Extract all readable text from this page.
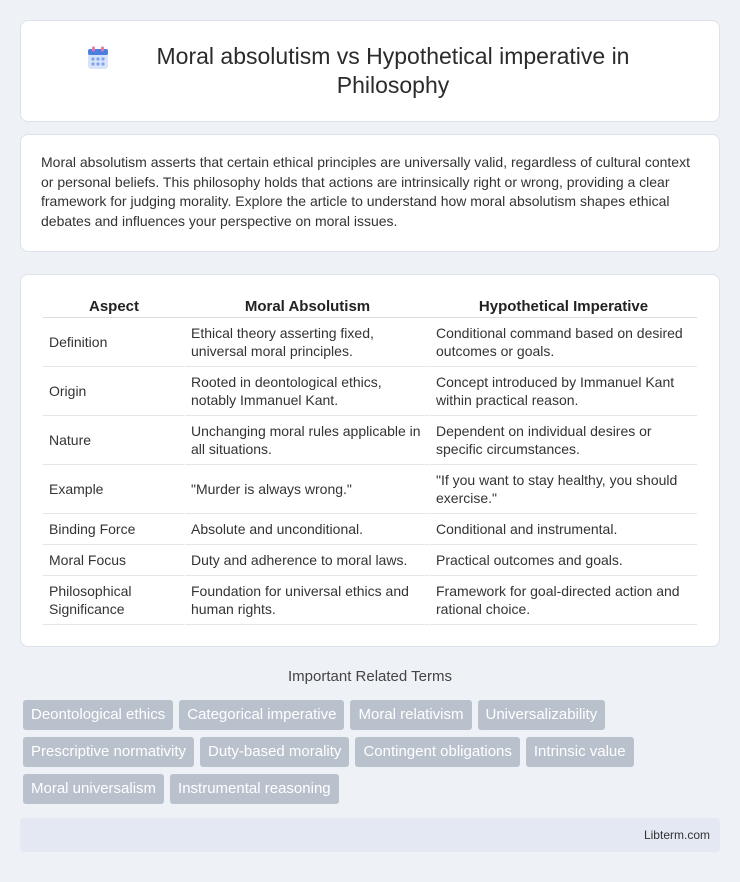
Moral absolutism vs Hypothetical imperative in Philosophy

Moral absolutism asserts that certain ethical principles are universally valid, regardless of cultural context or personal beliefs. This philosophy holds that actions are intrinsically right or wrong, providing a clear framework for judging morality. Explore the article to understand how moral absolutism shapes ethical debates and influences your perspective on moral issues.

Aspect	Moral Absolutism	Hypothetical Imperative
Definition	Ethical theory asserting fixed, universal moral principles.	Conditional command based on desired outcomes or goals.
Origin	Rooted in deontological ethics, notably Immanuel Kant.	Concept introduced by Immanuel Kant within practical reason.
Nature	Unchanging moral rules applicable in all situations.	Dependent on individual desires or specific circumstances.
Example	"Murder is always wrong."	"If you want to stay healthy, you should exercise."
Binding Force	Absolute and unconditional.	Conditional and instrumental.
Moral Focus	Duty and adherence to moral laws.	Practical outcomes and goals.
Philosophical Significance	Foundation for universal ethics and human rights.	Framework for goal-directed action and rational choice.
Important Related Terms
Deontological ethics	Categorical imperative	Moral relativism	Universalizability
Prescriptive normativity	Duty-based morality	Contingent obligations	Intrinsic value
Moral universalism	Instrumental reasoning
Libterm.com
